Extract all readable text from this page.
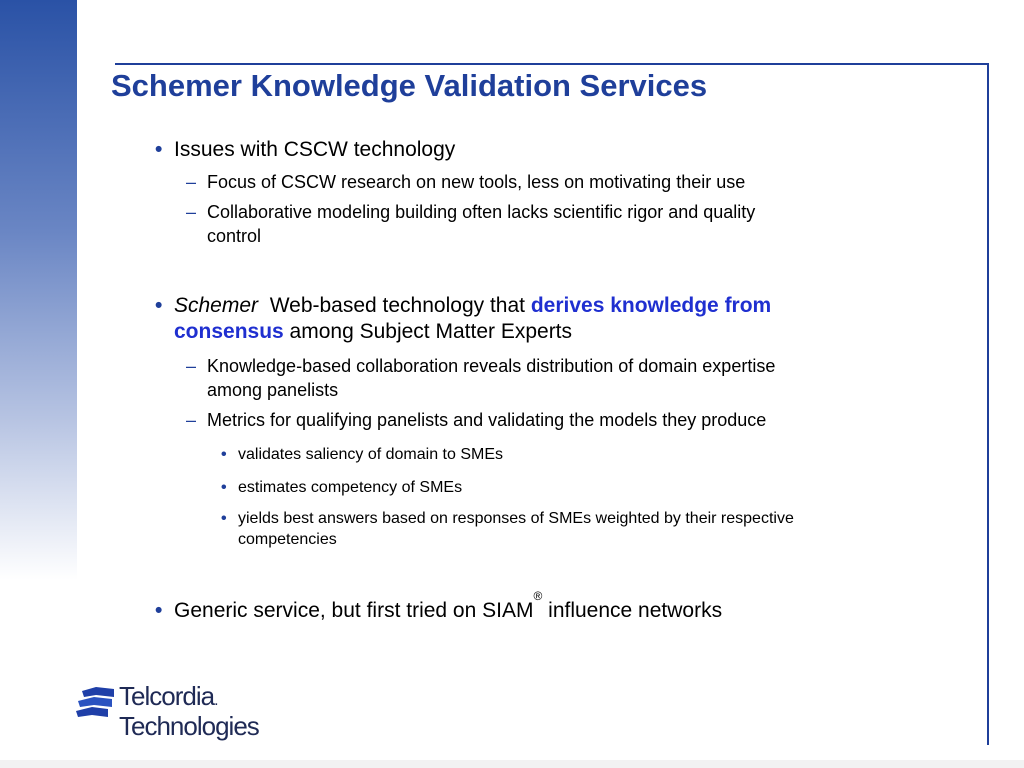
Schemer Knowledge Validation Services
• Issues with CSCW technology
– Focus of CSCW research on new tools, less on motivating their use
– Collaborative modeling building often lacks scientific rigor and quality
control
• Schemer Web-based technology that derives knowledge from
consensus among Subject Matter Experts
– Knowledge-based collaboration reveals distribution of domain expertise
among panelists
– Metrics for qualifying panelists and validating the models they produce
• validates saliency of domain to SMEs
• estimates competency of SMEs
• yields best answers based on responses of SMEs weighted by their respective
competencies
• Generic service, but first tried on SIAM® influence networks
Telcordia.
Technologies
